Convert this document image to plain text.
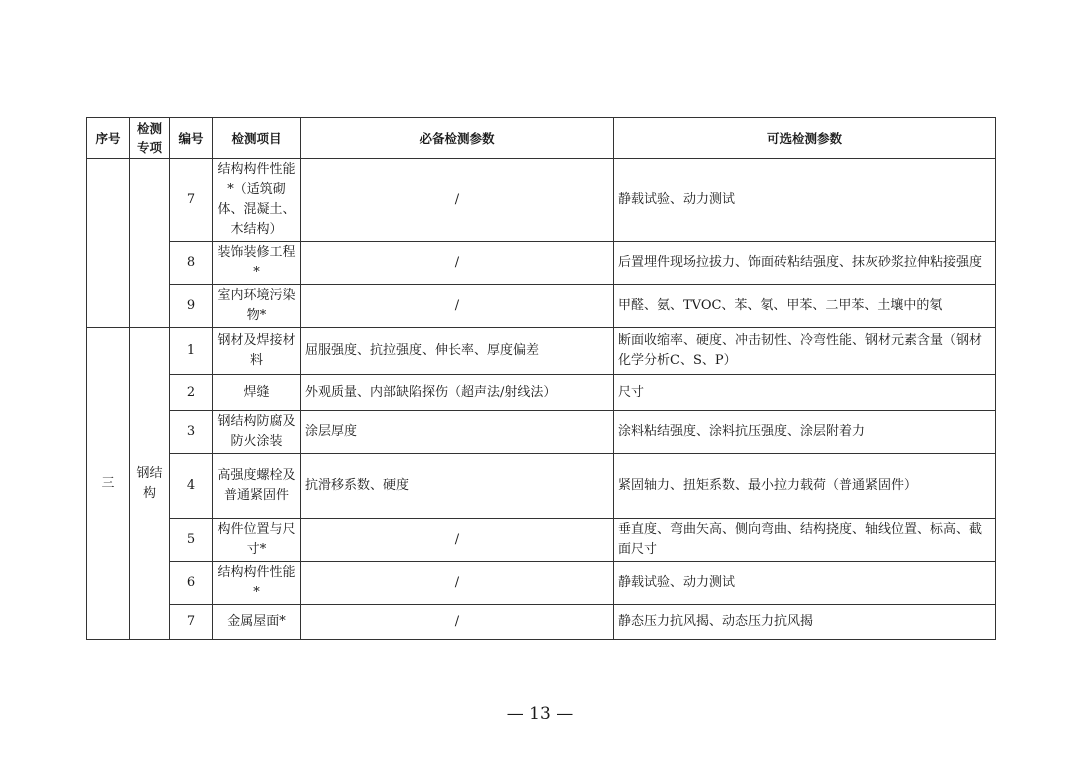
序号	检测专项	编号	检测项目	必备检测参数	可选检测参数
		7	结构构件性能*（适筑砌体、混凝土、木结构）	/	静载试验、动力测试
		8	装饰装修工程*	/	后置埋件现场拉拔力、饰面砖粘结强度、抹灰砂浆拉伸粘接强度
		9	室内环境污染物*	/	甲醛、氨、TVOC、苯、氡、甲苯、二甲苯、土壤中的氡
三	钢结构	1	钢材及焊接材料	屈服强度、抗拉强度、伸长率、厚度偏差	断面收缩率、硬度、冲击韧性、冷弯性能、钢材元素含量（钢材化学分析C、S、P）
		2	焊缝	外观质量、内部缺陷探伤（超声法/射线法）	尺寸
		3	钢结构防腐及防火涂装	涂层厚度	涂料粘结强度、涂料抗压强度、涂层附着力
		4	高强度螺栓及普通紧固件	抗滑移系数、硬度	紧固轴力、扭矩系数、最小拉力载荷（普通紧固件）
		5	构件位置与尺寸*	/	垂直度、弯曲矢高、侧向弯曲、结构挠度、轴线位置、标高、截面尺寸
		6	结构构件性能*	/	静载试验、动力测试
		7	金属屋面*	/	静态压力抗风揭、动态压力抗风揭
— 13 —
